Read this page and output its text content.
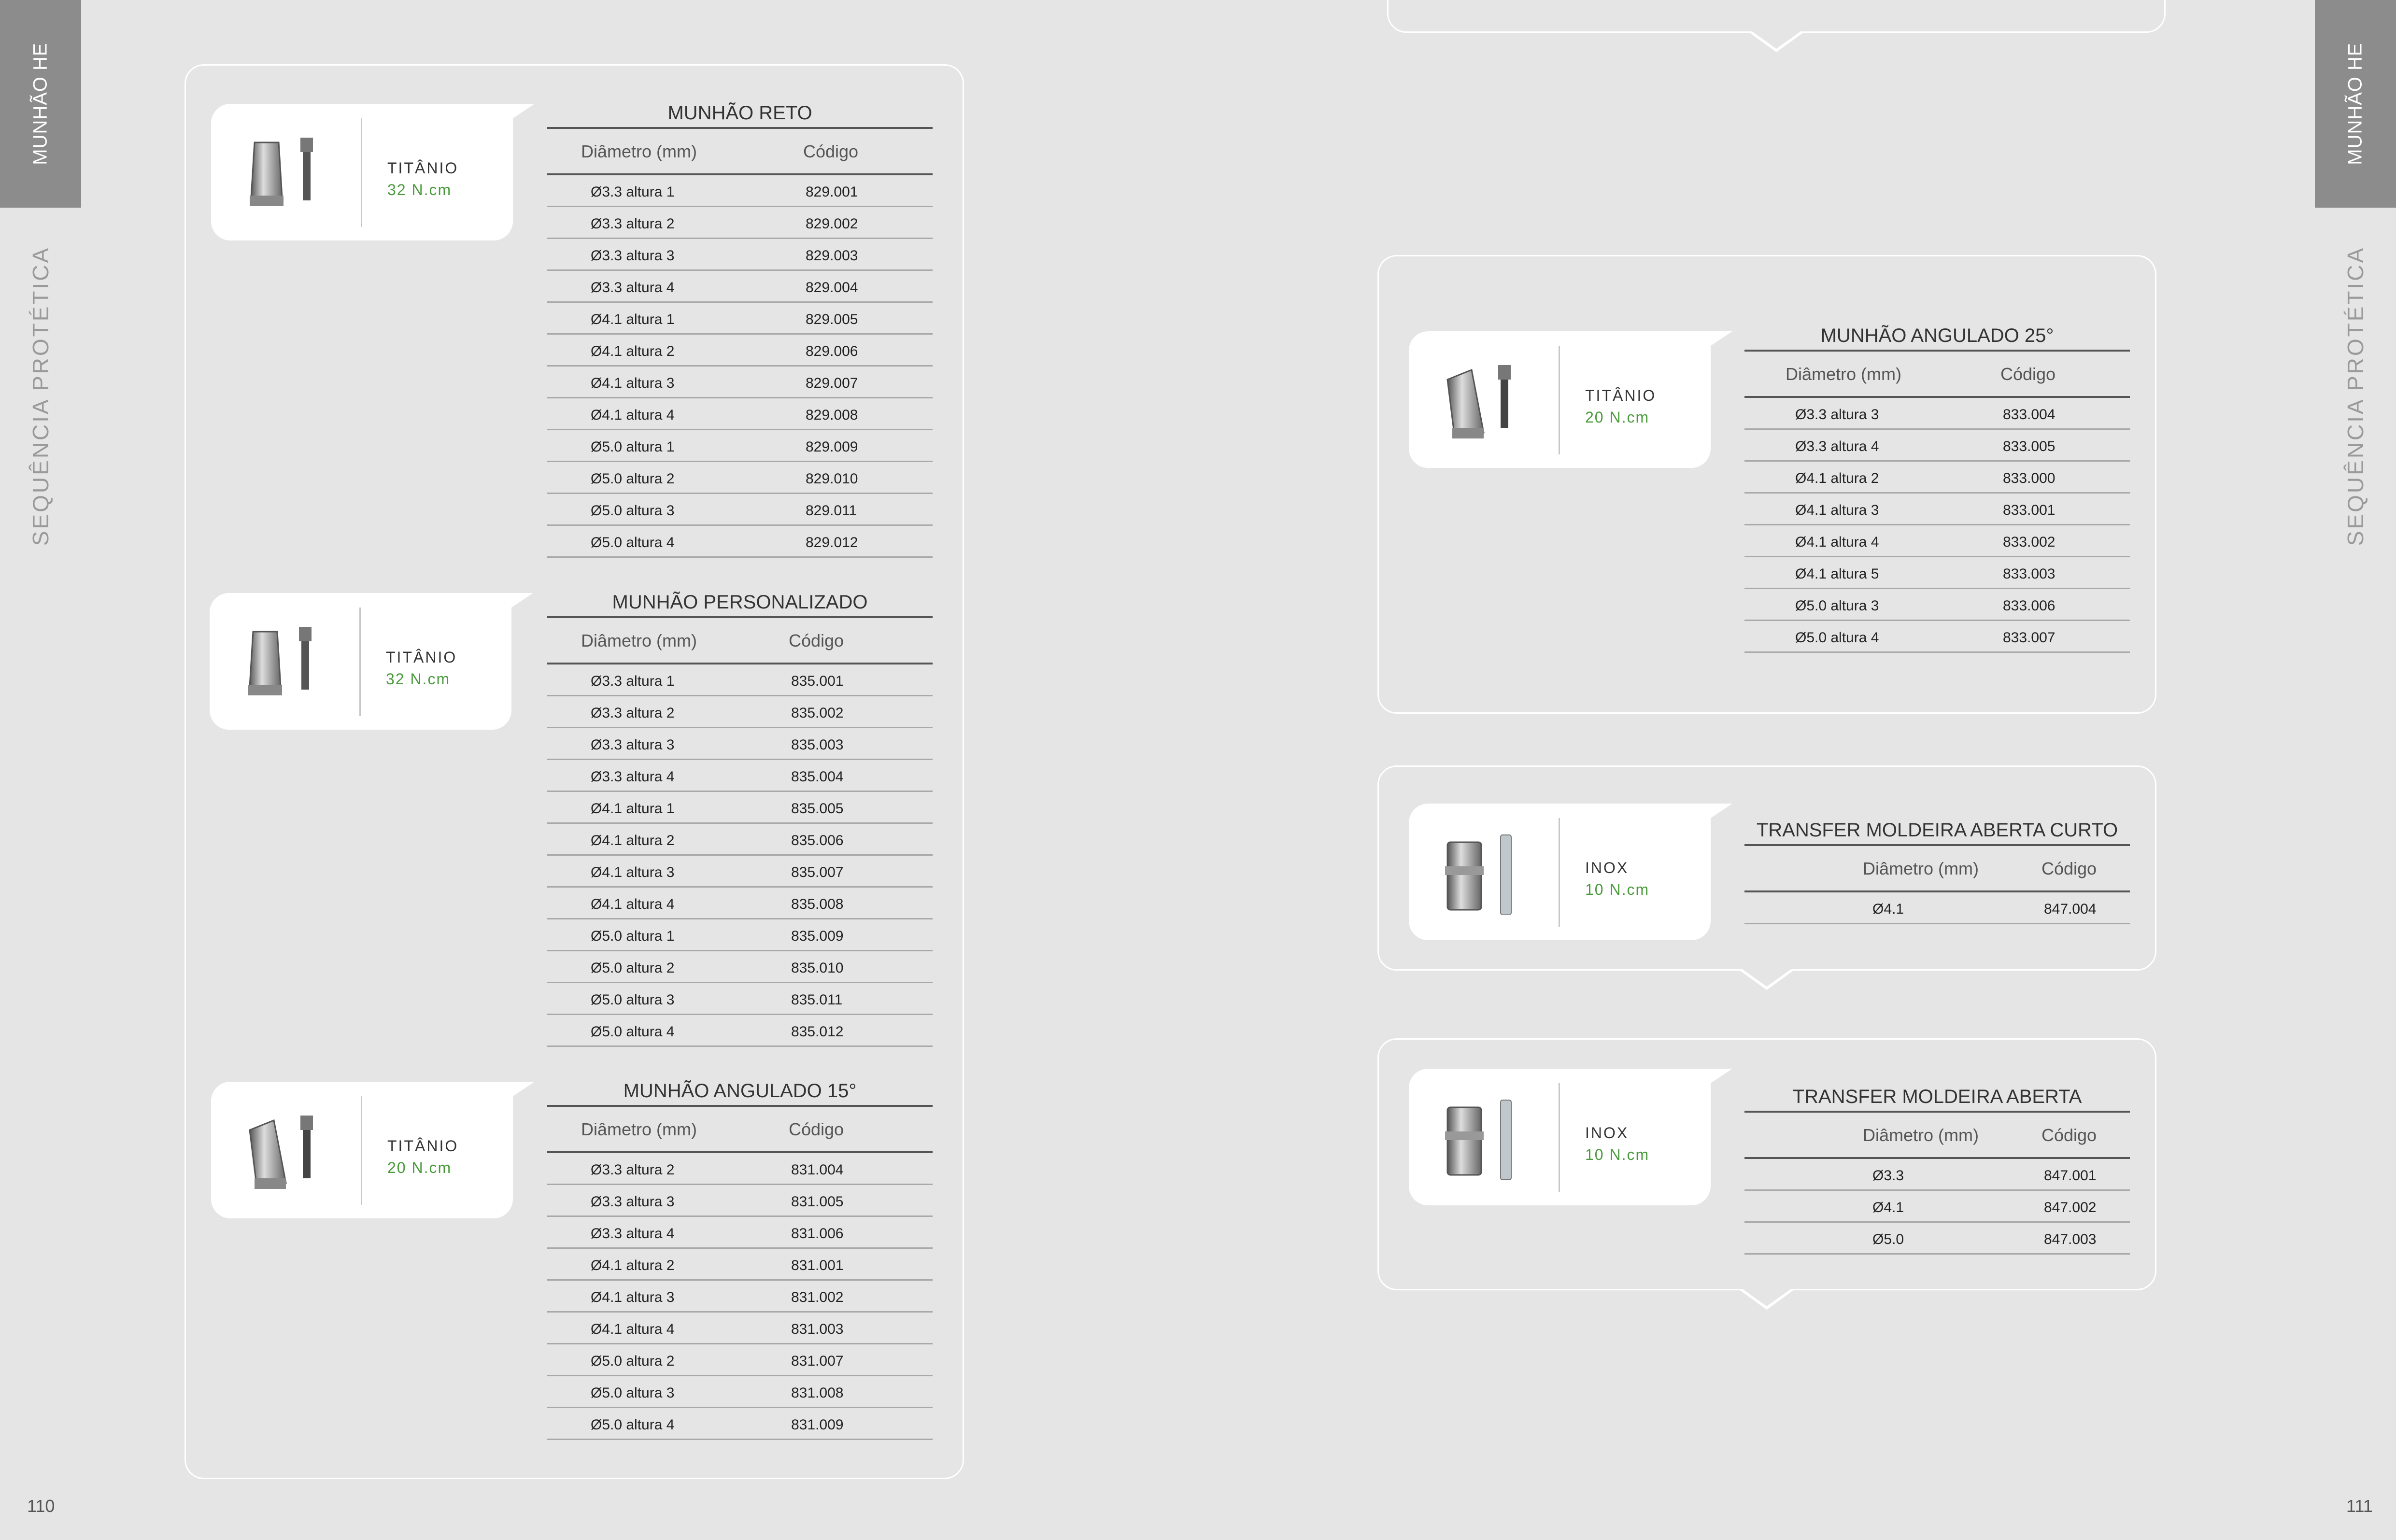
MUNHÃO HE	MUNHÃO HE
SEQUÊNCIA PROTÉTICA	SEQUÊNCIA PROTÉTICA
110	111
TITÂNIO
32 N.cm
MUNHÃO RETO
Diâmetro (mm)	Código
Ø3.3 altura 1	829.001
Ø3.3 altura 2	829.002
Ø3.3 altura 3	829.003
Ø3.3 altura 4	829.004
Ø4.1 altura 1	829.005
Ø4.1 altura 2	829.006
Ø4.1 altura 3	829.007
Ø4.1 altura 4	829.008
Ø5.0 altura 1	829.009
Ø5.0 altura 2	829.010
Ø5.0 altura 3	829.011
Ø5.0 altura 4	829.012
TITÂNIO
32 N.cm
MUNHÃO PERSONALIZADO
Diâmetro (mm)	Código
Ø3.3 altura 1	835.001
Ø3.3 altura 2	835.002
Ø3.3 altura 3	835.003
Ø3.3 altura 4	835.004
Ø4.1 altura 1	835.005
Ø4.1 altura 2	835.006
Ø4.1 altura 3	835.007
Ø4.1 altura 4	835.008
Ø5.0 altura 1	835.009
Ø5.0 altura 2	835.010
Ø5.0 altura 3	835.011
Ø5.0 altura 4	835.012
TITÂNIO
20 N.cm
MUNHÃO ANGULADO 15°
Diâmetro (mm)	Código
Ø3.3 altura 2	831.004
Ø3.3 altura 3	831.005
Ø3.3 altura 4	831.006
Ø4.1 altura 2	831.001
Ø4.1 altura 3	831.002
Ø4.1 altura 4	831.003
Ø5.0 altura 2	831.007
Ø5.0 altura 3	831.008
Ø5.0 altura 4	831.009
TITÂNIO
20 N.cm
MUNHÃO ANGULADO 25°
Diâmetro (mm)	Código
Ø3.3 altura 3	833.004
Ø3.3 altura 4	833.005
Ø4.1 altura 2	833.000
Ø4.1 altura 3	833.001
Ø4.1 altura 4	833.002
Ø4.1 altura 5	833.003
Ø5.0 altura 3	833.006
Ø5.0 altura 4	833.007
INOX
10 N.cm
TRANSFER MOLDEIRA ABERTA CURTO
Diâmetro (mm)	Código
Ø4.1	847.004
INOX
10 N.cm
TRANSFER MOLDEIRA ABERTA
Diâmetro (mm)	Código
Ø3.3	847.001
Ø4.1	847.002
Ø5.0	847.003
